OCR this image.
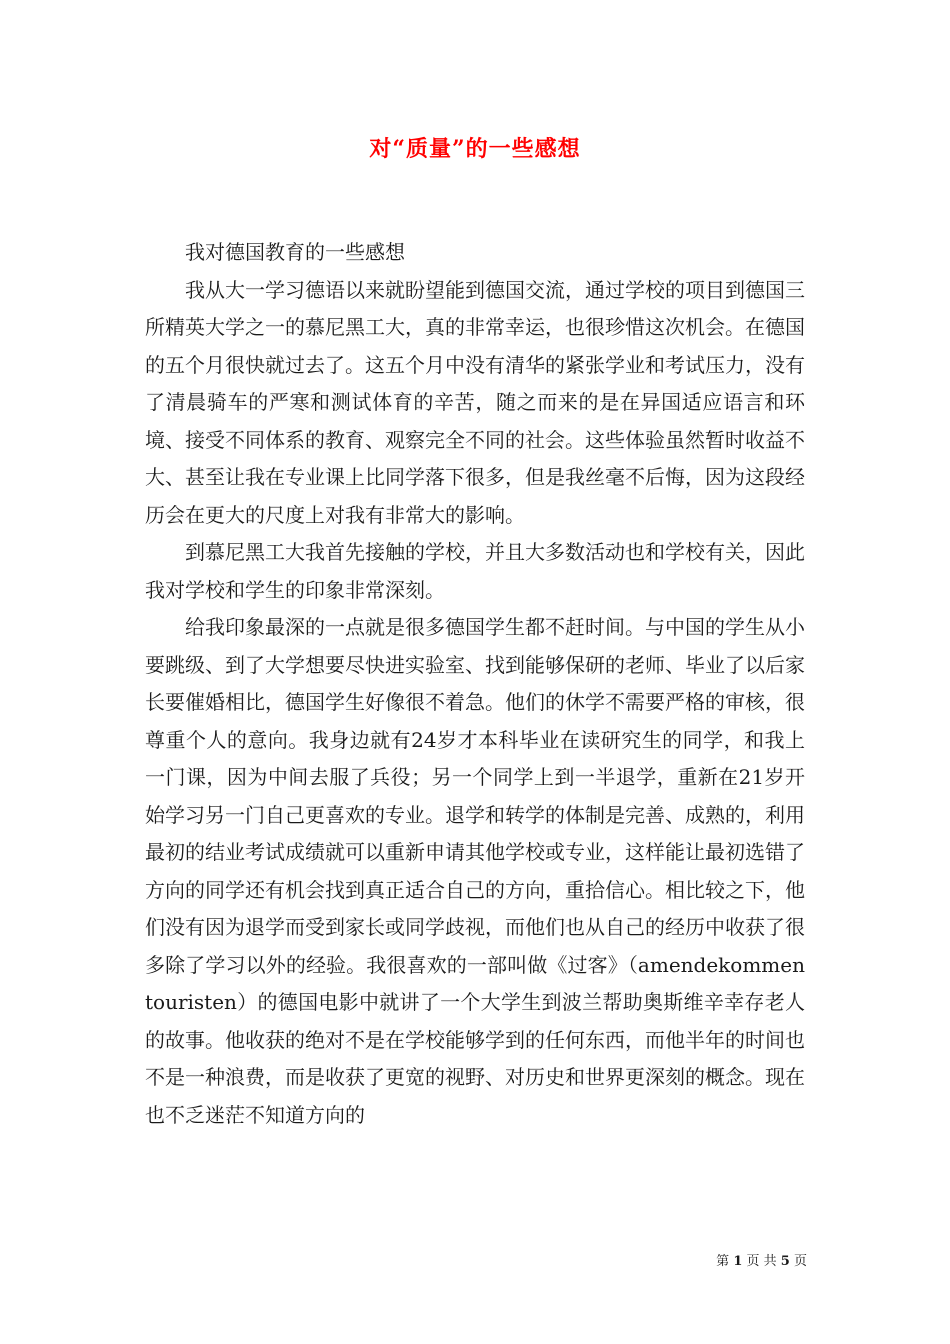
对“质量”的一些感想

我对德国教育的一些感想

我从大一学习德语以来就盼望能到德国交流，通过学校的项目到德国三所精英大学之一的慕尼黑工大，真的非常幸运，也很珍惜这次机会。在德国的五个月很快就过去了。这五个月中没有清华的紧张学业和考试压力，没有了清晨骑车的严寒和测试体育的辛苦，随之而来的是在异国适应语言和环境、接受不同体系的教育、观察完全不同的社会。这些体验虽然暂时收益不大、甚至让我在专业课上比同学落下很多，但是我丝毫不后悔，因为这段经历会在更大的尺度上对我有非常大的影响。

到慕尼黑工大我首先接触的学校，并且大多数活动也和学校有关，因此我对学校和学生的印象非常深刻。

给我印象最深的一点就是很多德国学生都不赶时间。与中国的学生从小要跳级、到了大学想要尽快进实验室、找到能够保研的老师、毕业了以后家长要催婚相比，德国学生好像很不着急。他们的休学不需要严格的审核，很尊重个人的意向。我身边就有24岁才本科毕业在读研究生的同学，和我上一门课，因为中间去服了兵役；另一个同学上到一半退学，重新在21岁开始学习另一门自己更喜欢的专业。退学和转学的体制是完善、成熟的，利用最初的结业考试成绩就可以重新申请其他学校或专业，这样能让最初选错了方向的同学还有机会找到真正适合自己的方向，重拾信心。相比较之下，他们没有因为退学而受到家长或同学歧视，而他们也从自己的经历中收获了很多除了学习以外的经验。我很喜欢的一部叫做《过客》（amendekommentouristen）的德国电影中就讲了一个大学生到波兰帮助奥斯维辛幸存老人的故事。他收获的绝对不是在学校能够学到的任何东西，而他半年的时间也不是一种浪费，而是收获了更宽的视野、对历史和世界更深刻的概念。现在也不乏迷茫不知道方向的

第 1 页 共 5 页
